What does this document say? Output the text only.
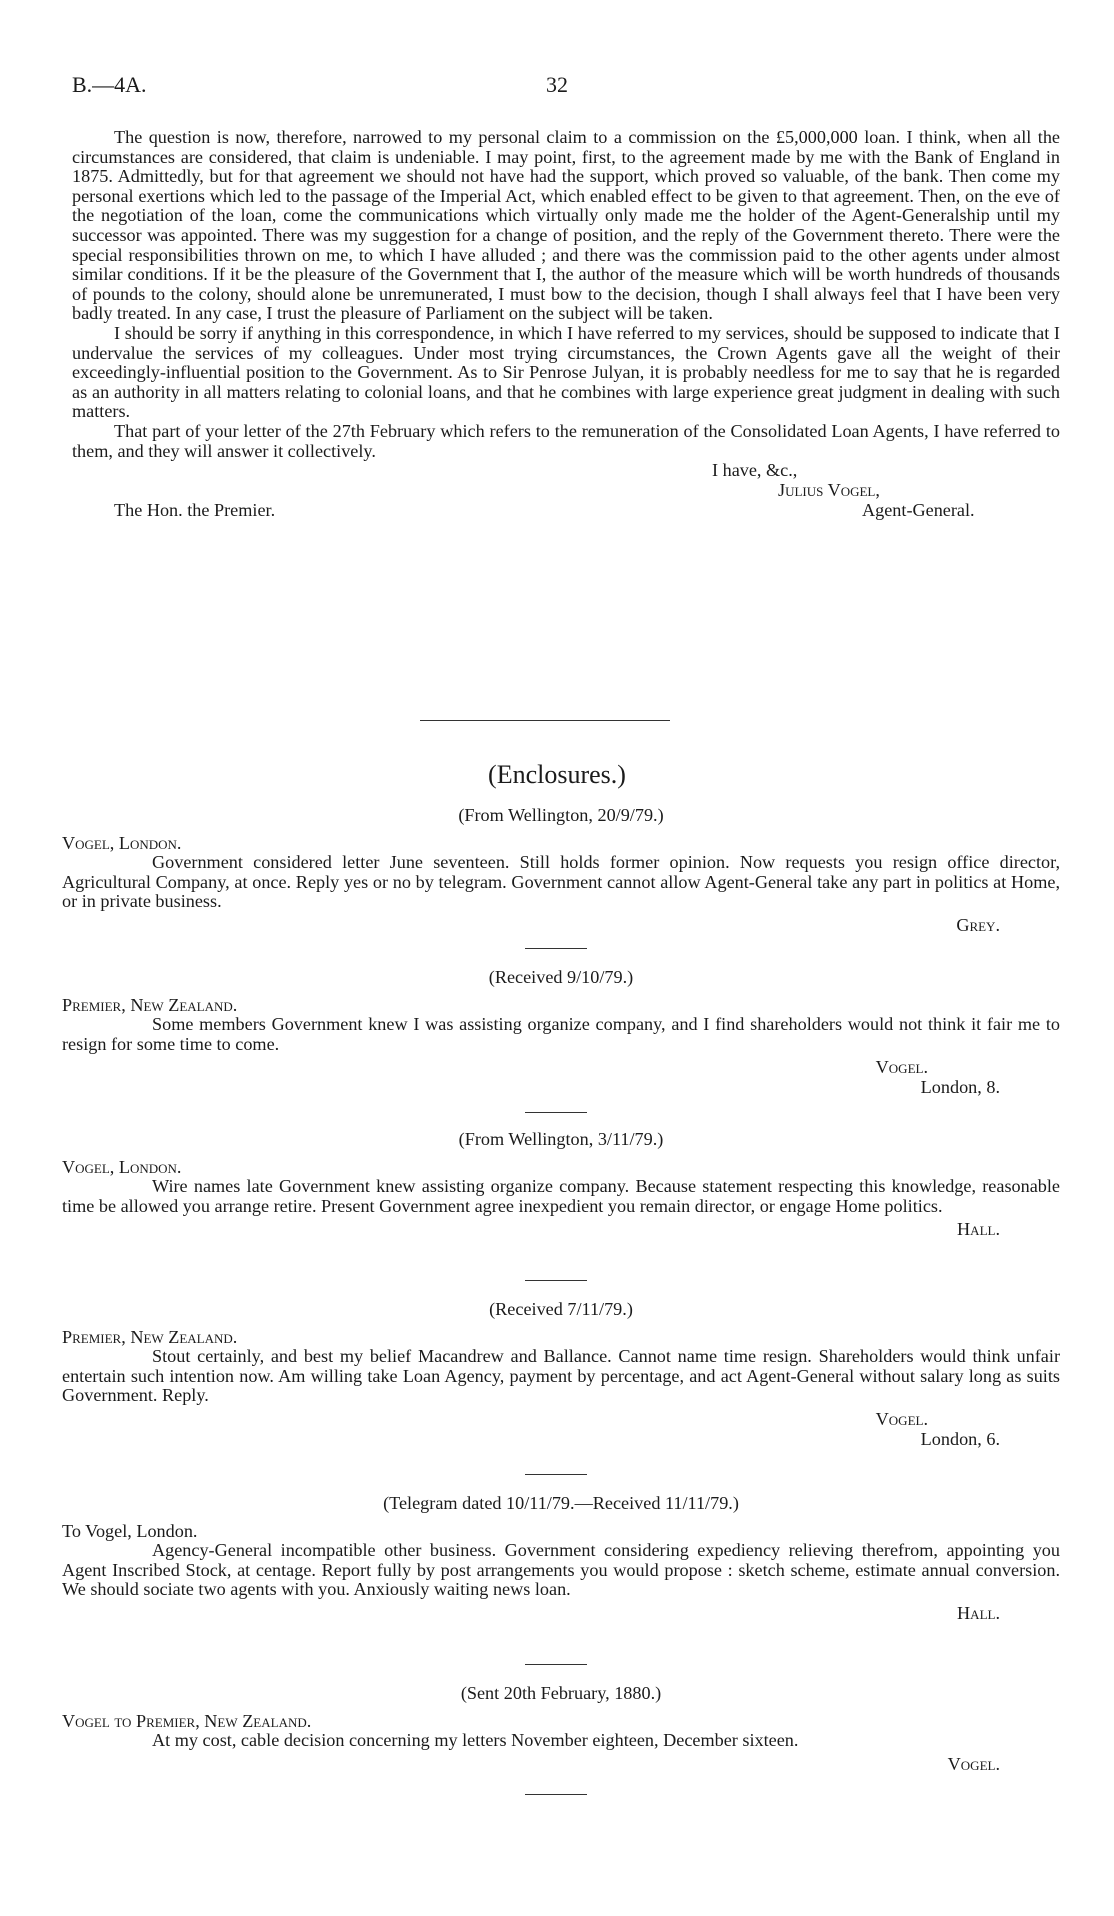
B.—4A.	32

The question is now, therefore, narrowed to my personal claim to a commission on the £5,000,000 loan. I think, when all the circumstances are considered, that claim is undeniable. I may point, first, to the agreement made by me with the Bank of England in 1875. Admittedly, but for that agreement we should not have had the support, which proved so valuable, of the bank. Then come my personal exertions which led to the passage of the Imperial Act, which enabled effect to be given to that agreement. Then, on the eve of the negotiation of the loan, come the communications which virtually only made me the holder of the Agent-Generalship until my successor was appointed. There was my suggestion for a change of position, and the reply of the Government thereto. There were the special responsibilities thrown on me, to which I have alluded ; and there was the commission paid to the other agents under almost similar conditions. If it be the pleasure of the Government that I, the author of the measure which will be worth hundreds of thousands of pounds to the colony, should alone be unremunerated, I must bow to the decision, though I shall always feel that I have been very badly treated. In any case, I trust the pleasure of Parliament on the subject will be taken.

I should be sorry if anything in this correspondence, in which I have referred to my services, should be supposed to indicate that I undervalue the services of my colleagues. Under most trying circumstances, the Crown Agents gave all the weight of their exceedingly-influential position to the Government. As to Sir Penrose Julyan, it is probably needless for me to say that he is regarded as an authority in all matters relating to colonial loans, and that he combines with large experience great judgment in dealing with such matters.

That part of your letter of the 27th February which refers to the remuneration of the Consolidated Loan Agents, I have referred to them, and they will answer it collectively.

I have, &c.,
Julius Vogel,
The Hon. the Premier.	Agent-General.
(Enclosures.)
(From Wellington, 20/9/79.)

Vogel, London.

Government considered letter June seventeen. Still holds former opinion. Now requests you resign office director, Agricultural Company, at once. Reply yes or no by telegram. Government cannot allow Agent-General take any part in politics at Home, or in private business.

Grey.
(Received 9/10/79.)

Premier, New Zealand.

Some members Government knew I was assisting organize company, and I find shareholders would not think it fair me to resign for some time to come.

Vogel.
London, 8.
(From Wellington, 3/11/79.)

Vogel, London.

Wire names late Government knew assisting organize company. Because statement respecting this knowledge, reasonable time be allowed you arrange retire. Present Government agree inexpedient you remain director, or engage Home politics.

Hall.
(Received 7/11/79.)

Premier, New Zealand.

Stout certainly, and best my belief Macandrew and Ballance. Cannot name time resign. Shareholders would think unfair entertain such intention now. Am willing take Loan Agency, payment by percentage, and act Agent-General without salary long as suits Government. Reply.

Vogel.
London, 6.
(Telegram dated 10/11/79.—Received 11/11/79.)

To Vogel, London.

Agency-General incompatible other business. Government considering expediency relieving therefrom, appointing you Agent Inscribed Stock, at centage. Report fully by post arrangements you would propose : sketch scheme, estimate annual conversion. We should sociate two agents with you. Anxiously waiting news loan.

Hall.
(Sent 20th February, 1880.)

Vogel to Premier, New Zealand.

At my cost, cable decision concerning my letters November eighteen, December sixteen.

Vogel.
